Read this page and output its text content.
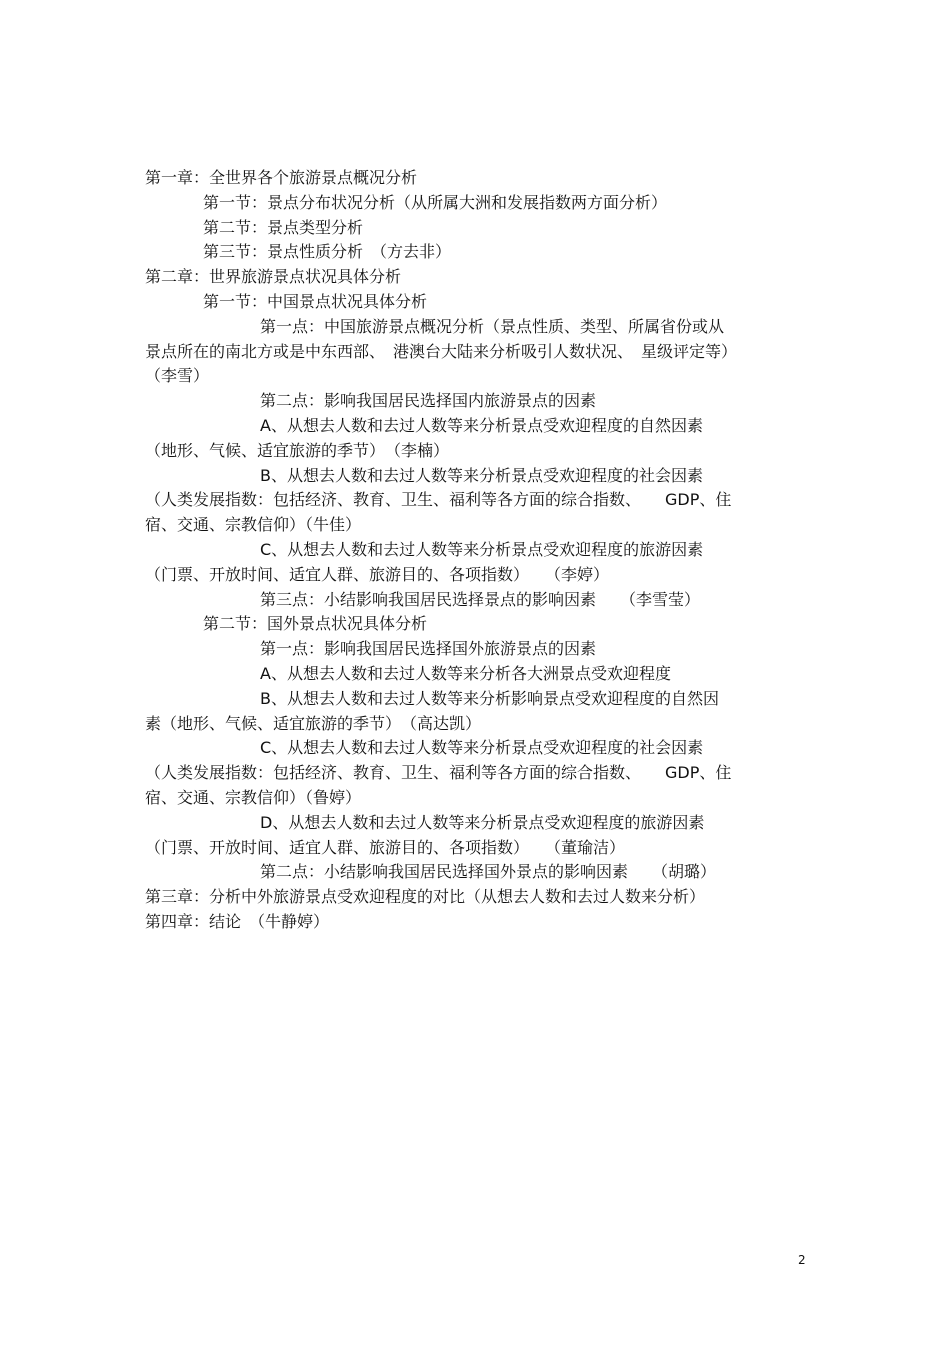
第一章：全世界各个旅游景点概况分析
第一节：景点分布状况分析（从所属大洲和发展指数两方面分析）
第二节：景点类型分析
第三节：景点性质分析　（方去非）
第二章：世界旅游景点状况具体分析
第一节：中国景点状况具体分析
第一点：中国旅游景点概况分析（景点性质、类型、所属省份或从
景点所在的南北方或是中东西部、　港澳台大陆来分析吸引人数状况、　星级评定等）
（李雪）
第二点：影响我国居民选择国内旅游景点的因素
A、从想去人数和去过人数等来分析景点受欢迎程度的自然因素
（地形、气候、适宜旅游的季节）　（李楠）
B、从想去人数和去过人数等来分析景点受欢迎程度的社会因素
（人类发展指数：包括经济、教育、卫生、福利等各方面的综合指数、　　GDP、住
宿、交通、宗教信仰）（牛佳）
C、从想去人数和去过人数等来分析景点受欢迎程度的旅游因素
（门票、开放时间、适宜人群、旅游目的、各项指数）　　（李婷）
第三点：小结影响我国居民选择景点的影响因素　　（李雪莹）
第二节：国外景点状况具体分析
第一点：影响我国居民选择国外旅游景点的因素
A、从想去人数和去过人数等来分析各大洲景点受欢迎程度
B、从想去人数和去过人数等来分析影响景点受欢迎程度的自然因
素（地形、气候、适宜旅游的季节）　（高达凯）
C、从想去人数和去过人数等来分析景点受欢迎程度的社会因素
（人类发展指数：包括经济、教育、卫生、福利等各方面的综合指数、　　GDP、住
宿、交通、宗教信仰）（鲁婷）
D、从想去人数和去过人数等来分析景点受欢迎程度的旅游因素
（门票、开放时间、适宜人群、旅游目的、各项指数）　　（董瑜洁）
第二点：小结影响我国居民选择国外景点的影响因素　　（胡璐）
第三章：分析中外旅游景点受欢迎程度的对比（从想去人数和去过人数来分析）
第四章：结论　（牛静婷）
2
